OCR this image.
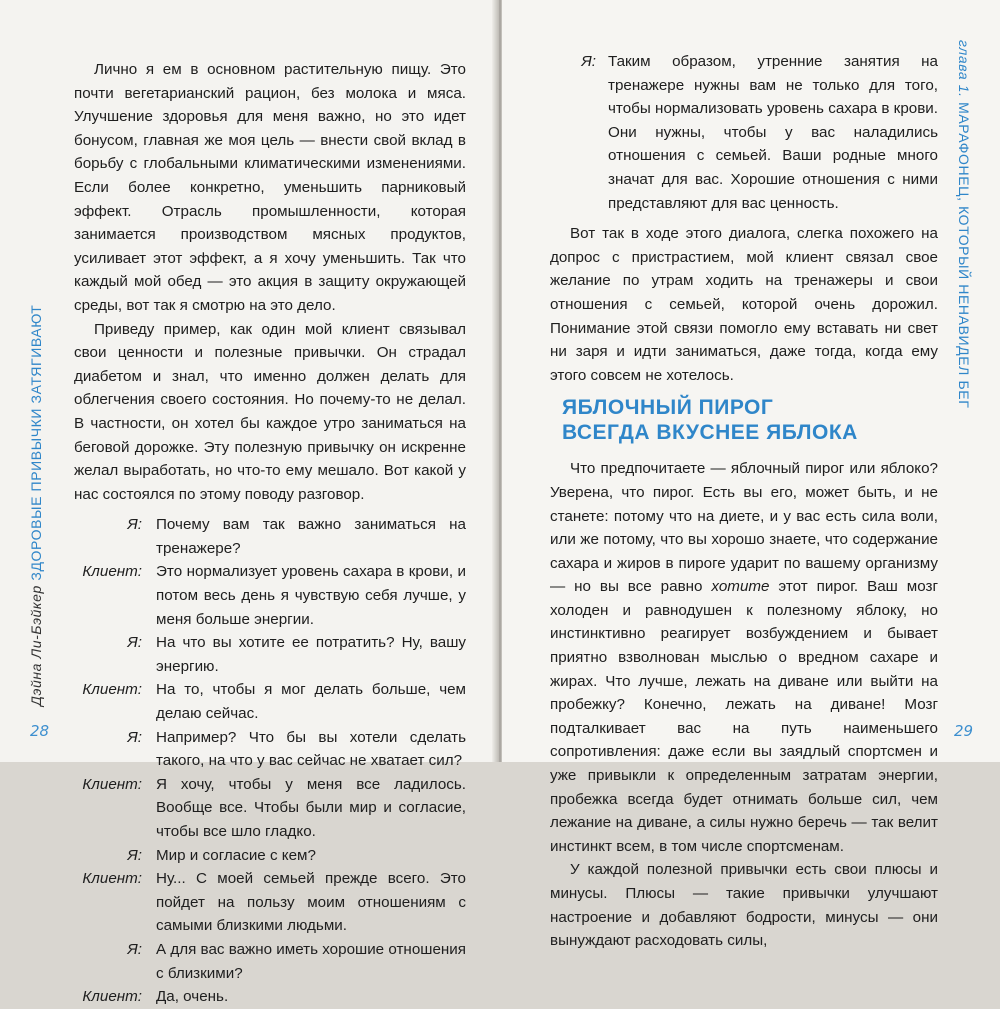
Дэйна Ли-Бэйкер ЗДОРОВЫЕ ПРИВЫЧКИ ЗАТЯГИВАЮТ

Лично я ем в основном растительную пищу. Это почти вегетарианский рацион, без молока и мяса. Улучшение здоровья для меня важно, но это идет бонусом, главная же моя цель — внести свой вклад в борьбу с глобальными климатическими изменениями. Если более конкретно, уменьшить парниковый эффект. Отрасль промышленности, которая занимается производством мясных продуктов, усиливает этот эффект, а я хочу уменьшить. Так что каждый мой обед — это акция в защиту окружающей среды, вот так я смотрю на это дело.

Приведу пример, как один мой клиент связывал свои ценности и полезные привычки. Он страдал диабетом и знал, что именно должен делать для облегчения своего состояния. Но почему-то не делал. В частности, он хотел бы каждое утро заниматься на беговой дорожке. Эту полезную привычку он искренне желал выработать, но что-то ему мешало. Вот какой у нас состоялся по этому поводу разговор.

Я: Почему вам так важно заниматься на тренажере?
Клиент: Это нормализует уровень сахара в крови, и потом весь день я чувствую себя лучше, у меня больше энергии.
Я: На что вы хотите ее потратить? Ну, вашу энергию.
Клиент: На то, чтобы я мог делать больше, чем делаю сейчас.
Я: Например? Что бы вы хотели сделать такого, на что у вас сейчас не хватает сил?
Клиент: Я хочу, чтобы у меня все ладилось. Вообще все. Чтобы были мир и согласие, чтобы все шло гладко.
Я: Мир и согласие с кем?
Клиент: Ну... С моей семьей прежде всего. Это пойдет на пользу моим отношениям с самыми близкими людьми.
Я: А для вас важно иметь хорошие отношения с близкими?
Клиент: Да, очень.
28
глава 1. МАРАФОНЕЦ, КОТОРЫЙ НЕНАВИДЕЛ БЕГ
Я: Таким образом, утренние занятия на тренажере нужны вам не только для того, чтобы нормализовать уровень сахара в крови. Они нужны, чтобы у вас наладились отношения с семьей. Ваши родные много значат для вас. Хорошие отношения с ними представляют для вас ценность.

Вот так в ходе этого диалога, слегка похожего на допрос с пристрастием, мой клиент связал свое желание по утрам ходить на тренажеры и свои отношения с семьей, которой очень дорожил. Понимание этой связи помогло ему вставать ни свет ни заря и идти заниматься, даже тогда, когда ему этого совсем не хотелось.

ЯБЛОЧНЫЙ ПИРОГ
ВСЕГДА ВКУСНЕЕ ЯБЛОКА

Что предпочитаете — яблочный пирог или яблоко? Уверена, что пирог. Есть вы его, может быть, и не станете: потому что на диете, и у вас есть сила воли, или же потому, что вы хорошо знаете, что содержание сахара и жиров в пироге ударит по вашему организму — но вы все равно хотите этот пирог. Ваш мозг холоден и равнодушен к полезному яблоку, но инстинктивно реагирует возбуждением и бывает приятно взволнован мыслью о вредном сахаре и жирах. Что лучше, лежать на диване или выйти на пробежку? Конечно, лежать на диване! Мозг подталкивает вас на путь наименьшего сопротивления: даже если вы заядлый спортсмен и уже привыкли к определенным затратам энергии, пробежка всегда будет отнимать больше сил, чем лежание на диване, а силы нужно беречь — так велит инстинкт всем, в том числе спортсменам.

У каждой полезной привычки есть свои плюсы и минусы. Плюсы — такие привычки улучшают настроение и добавляют бодрости, минусы — они вынуждают расходовать силы,

29
